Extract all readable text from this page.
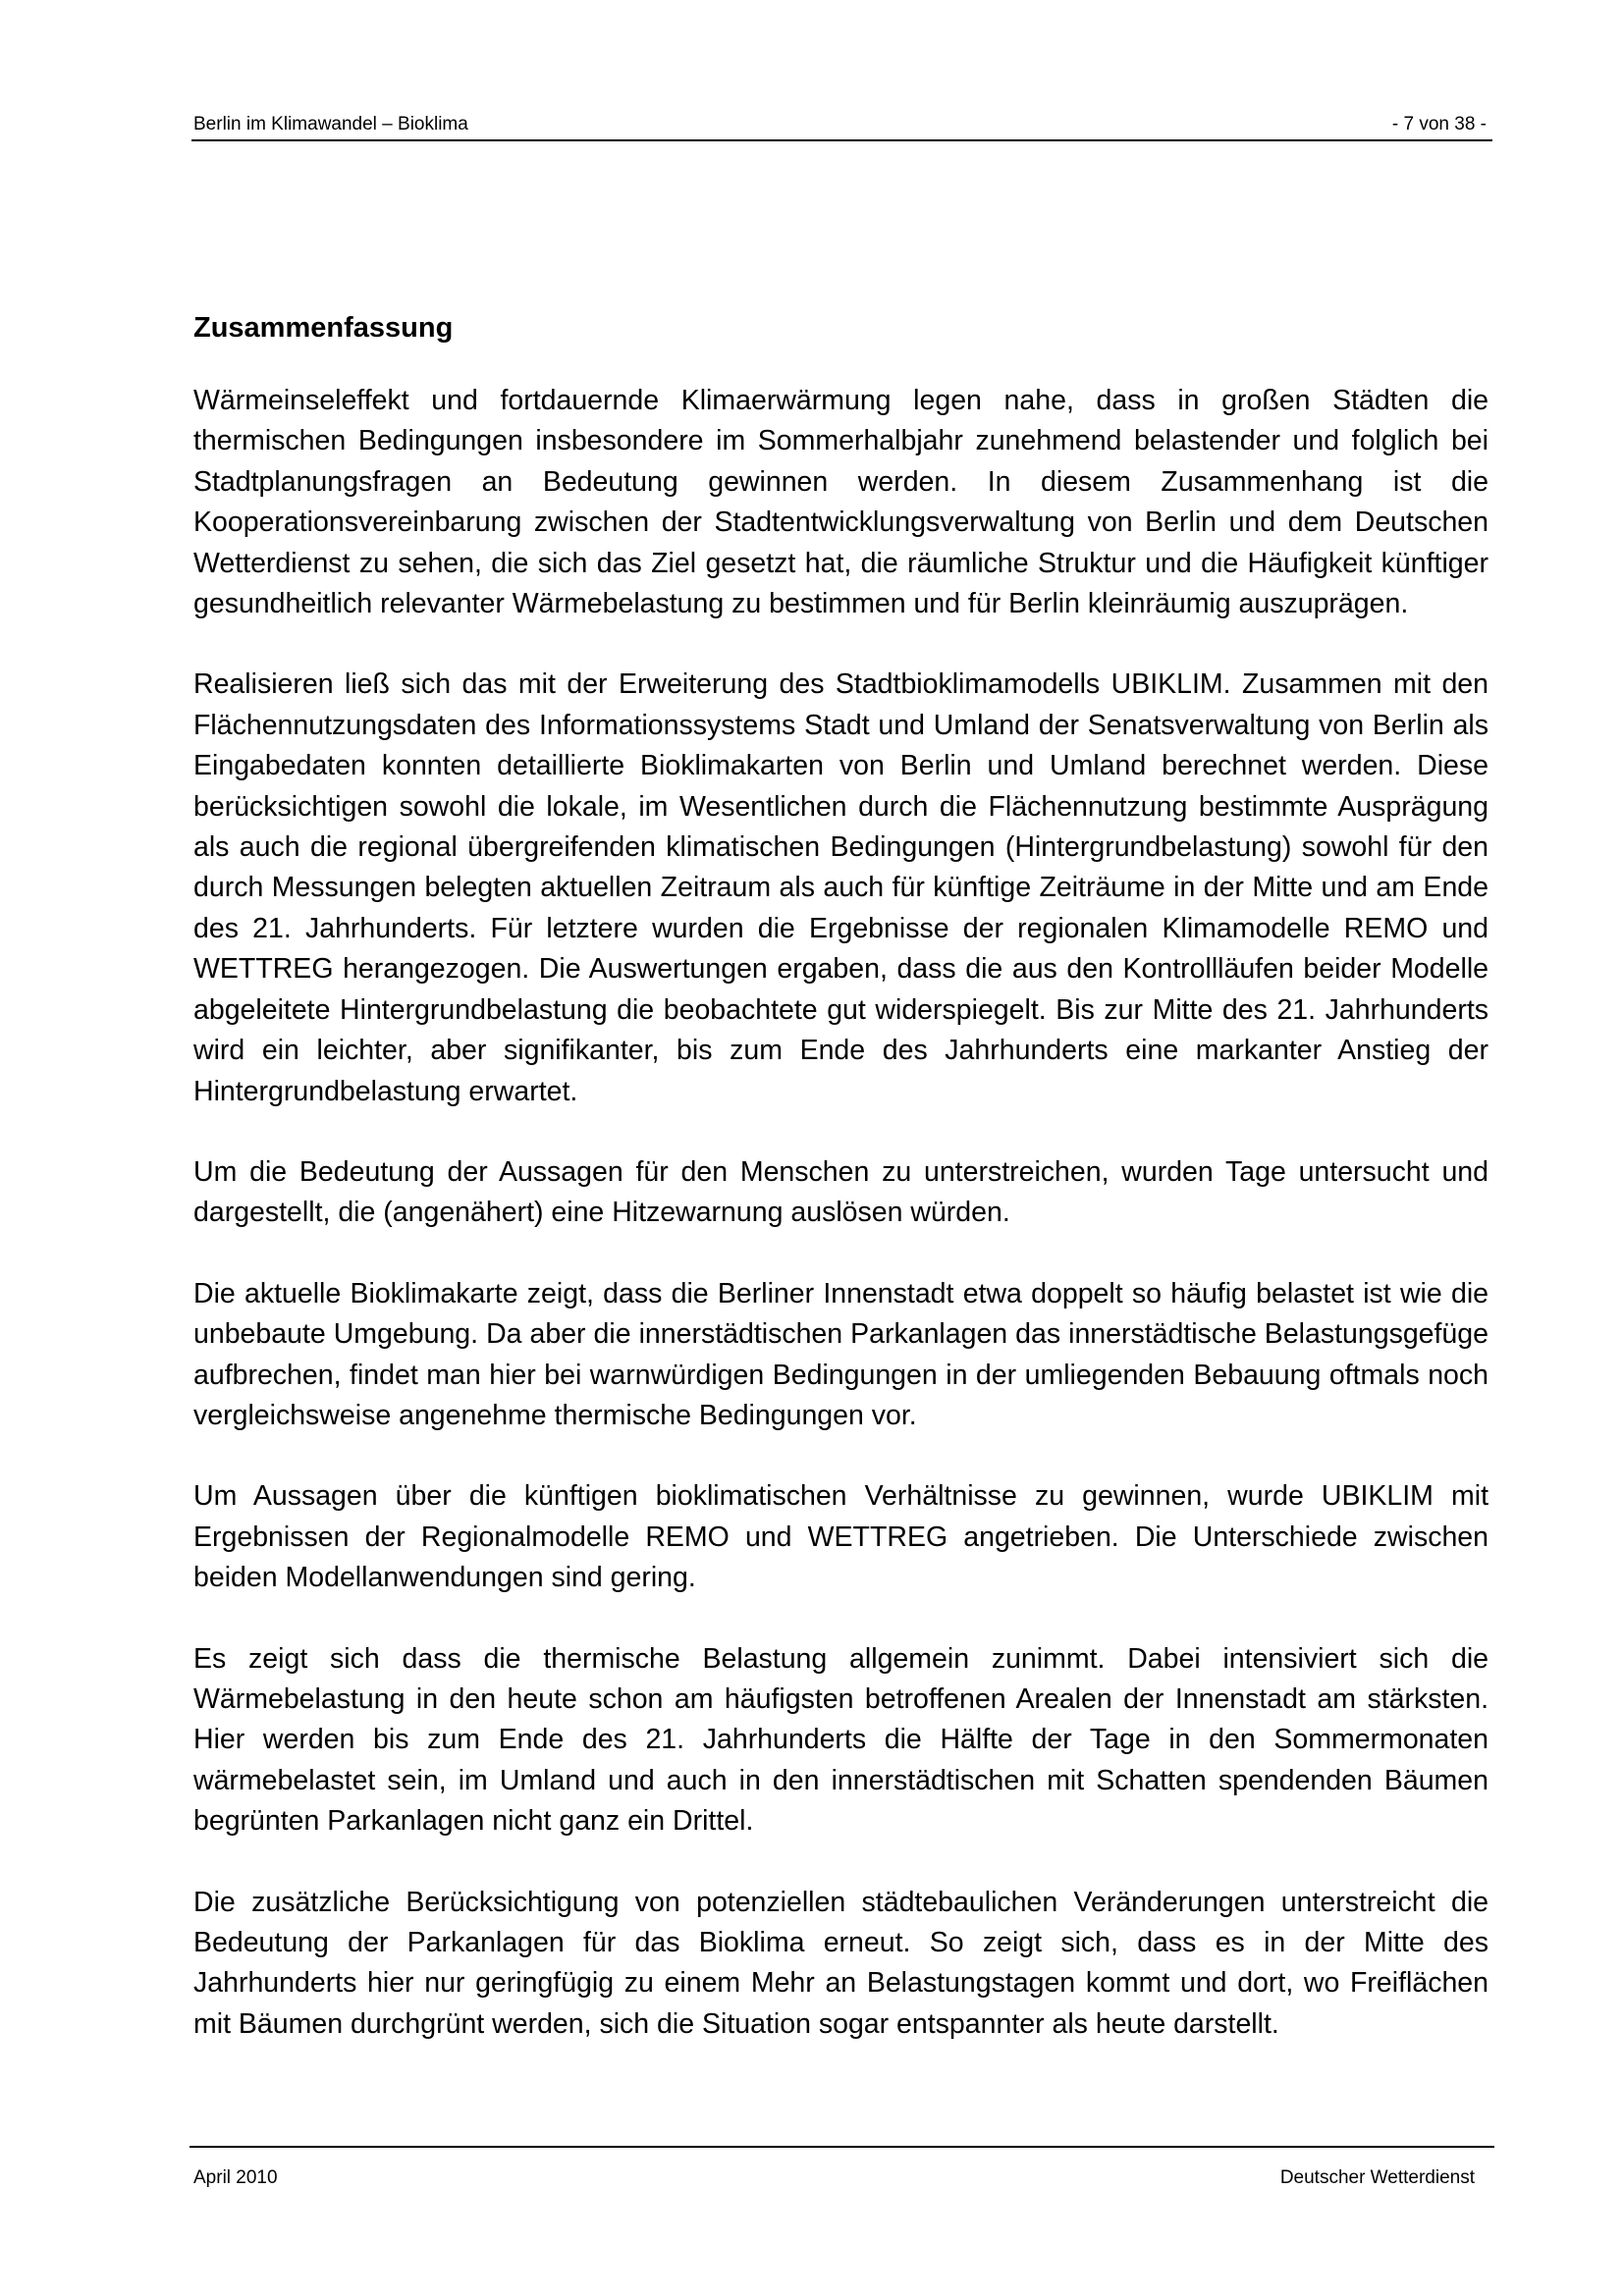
Berlin im Klimawandel – Bioklima	- 7 von 38 -
Zusammenfassung

Wärmeinseleffekt und fortdauernde Klimaerwärmung legen nahe, dass in großen Städten die thermischen Bedingungen insbesondere im Sommerhalbjahr zunehmend belastender und folglich bei Stadtplanungsfragen an Bedeutung gewinnen werden. In diesem Zusammenhang ist die Kooperationsvereinbarung zwischen der Stadtentwicklungsverwaltung von Berlin und dem Deutschen Wetterdienst zu sehen, die sich das Ziel gesetzt hat, die räumliche Struktur und die Häufigkeit künftiger gesundheitlich relevanter Wärmebelastung zu bestimmen und für Berlin kleinräumig auszuprägen.

Realisieren ließ sich das mit der Erweiterung des Stadtbioklimamodells UBIKLIM. Zusammen mit den Flächennutzungsdaten des Informationssystems Stadt und Umland der Senatsverwaltung von Berlin als Eingabedaten konnten detaillierte Bioklimakarten von Berlin und Umland berechnet werden. Diese berücksichtigen sowohl die lokale, im Wesentlichen durch die Flächennutzung bestimmte Ausprägung als auch die regional übergreifenden klimatischen Bedingungen (Hintergrundbelastung) sowohl für den durch Messungen belegten aktuellen Zeitraum als auch für künftige Zeiträume in der Mitte und am Ende des 21. Jahrhunderts. Für letztere wurden die Ergebnisse der regionalen Klimamodelle REMO und WETTREG herangezogen. Die Auswertungen ergaben, dass die aus den Kontrollläufen beider Modelle abgeleitete Hintergrundbelastung die beobachtete gut widerspiegelt. Bis zur Mitte des 21. Jahrhunderts wird ein leichter, aber signifikanter, bis zum Ende des Jahrhunderts eine markanter Anstieg der Hintergrundbelastung erwartet.

Um die Bedeutung der Aussagen für den Menschen zu unterstreichen, wurden Tage untersucht und dargestellt, die (angenähert) eine Hitzewarnung auslösen würden.

Die aktuelle Bioklimakarte zeigt, dass die Berliner Innenstadt etwa doppelt so häufig belastet ist wie die unbebaute Umgebung. Da aber die innerstädtischen Parkanlagen das innerstädtische Belastungsgefüge aufbrechen, findet man hier bei warnwürdigen Bedingungen in der umliegenden Bebauung oftmals noch vergleichsweise angenehme thermische Bedingungen vor.

Um Aussagen über die künftigen bioklimatischen Verhältnisse zu gewinnen, wurde UBIKLIM mit Ergebnissen der Regionalmodelle REMO und WETTREG angetrieben. Die Unterschiede zwischen beiden Modellanwendungen sind gering.

Es zeigt sich dass die thermische Belastung allgemein zunimmt. Dabei intensiviert sich die Wärmebelastung in den heute schon am häufigsten betroffenen Arealen der Innenstadt am stärksten. Hier werden bis zum Ende des 21. Jahrhunderts die Hälfte der Tage in den Sommermonaten wärmebelastet sein, im Umland und auch in den innerstädtischen mit Schatten spendenden Bäumen begrünten Parkanlagen nicht ganz ein Drittel.

Die zusätzliche Berücksichtigung von potenziellen städtebaulichen Veränderungen unterstreicht die Bedeutung der Parkanlagen für das Bioklima erneut. So zeigt sich, dass es in der Mitte des Jahrhunderts hier nur geringfügig zu einem Mehr an Belastungstagen kommt und dort, wo Freiflächen mit Bäumen durchgrünt werden, sich die Situation sogar entspannter als heute darstellt.

April 2010	Deutscher Wetterdienst
